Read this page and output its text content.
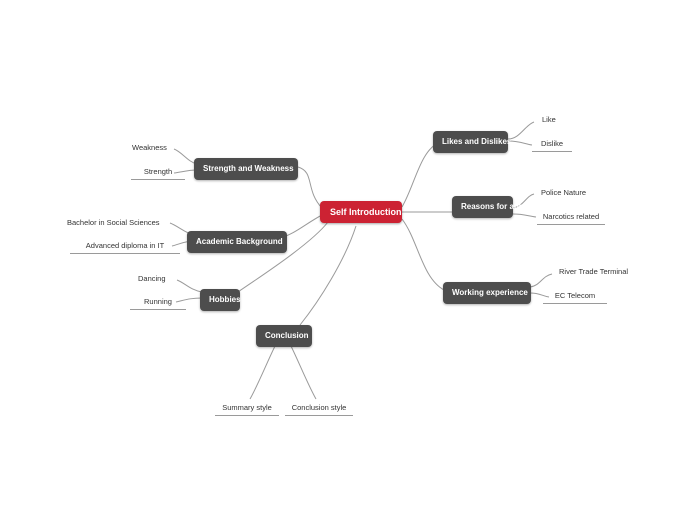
Self Introduction
Likes and Dislikes
Like
Dislike
Reasons for application
Police Nature
Narcotics related
Working experience
River Trade Terminal
EC Telecom
Conclusion
Summary style	Conclusion style
Hobbies
Dancing
Running
Academic Background
Bachelor in Social Sciences
Advanced diploma in IT
Strength and Weakness
Weakness
Strength
